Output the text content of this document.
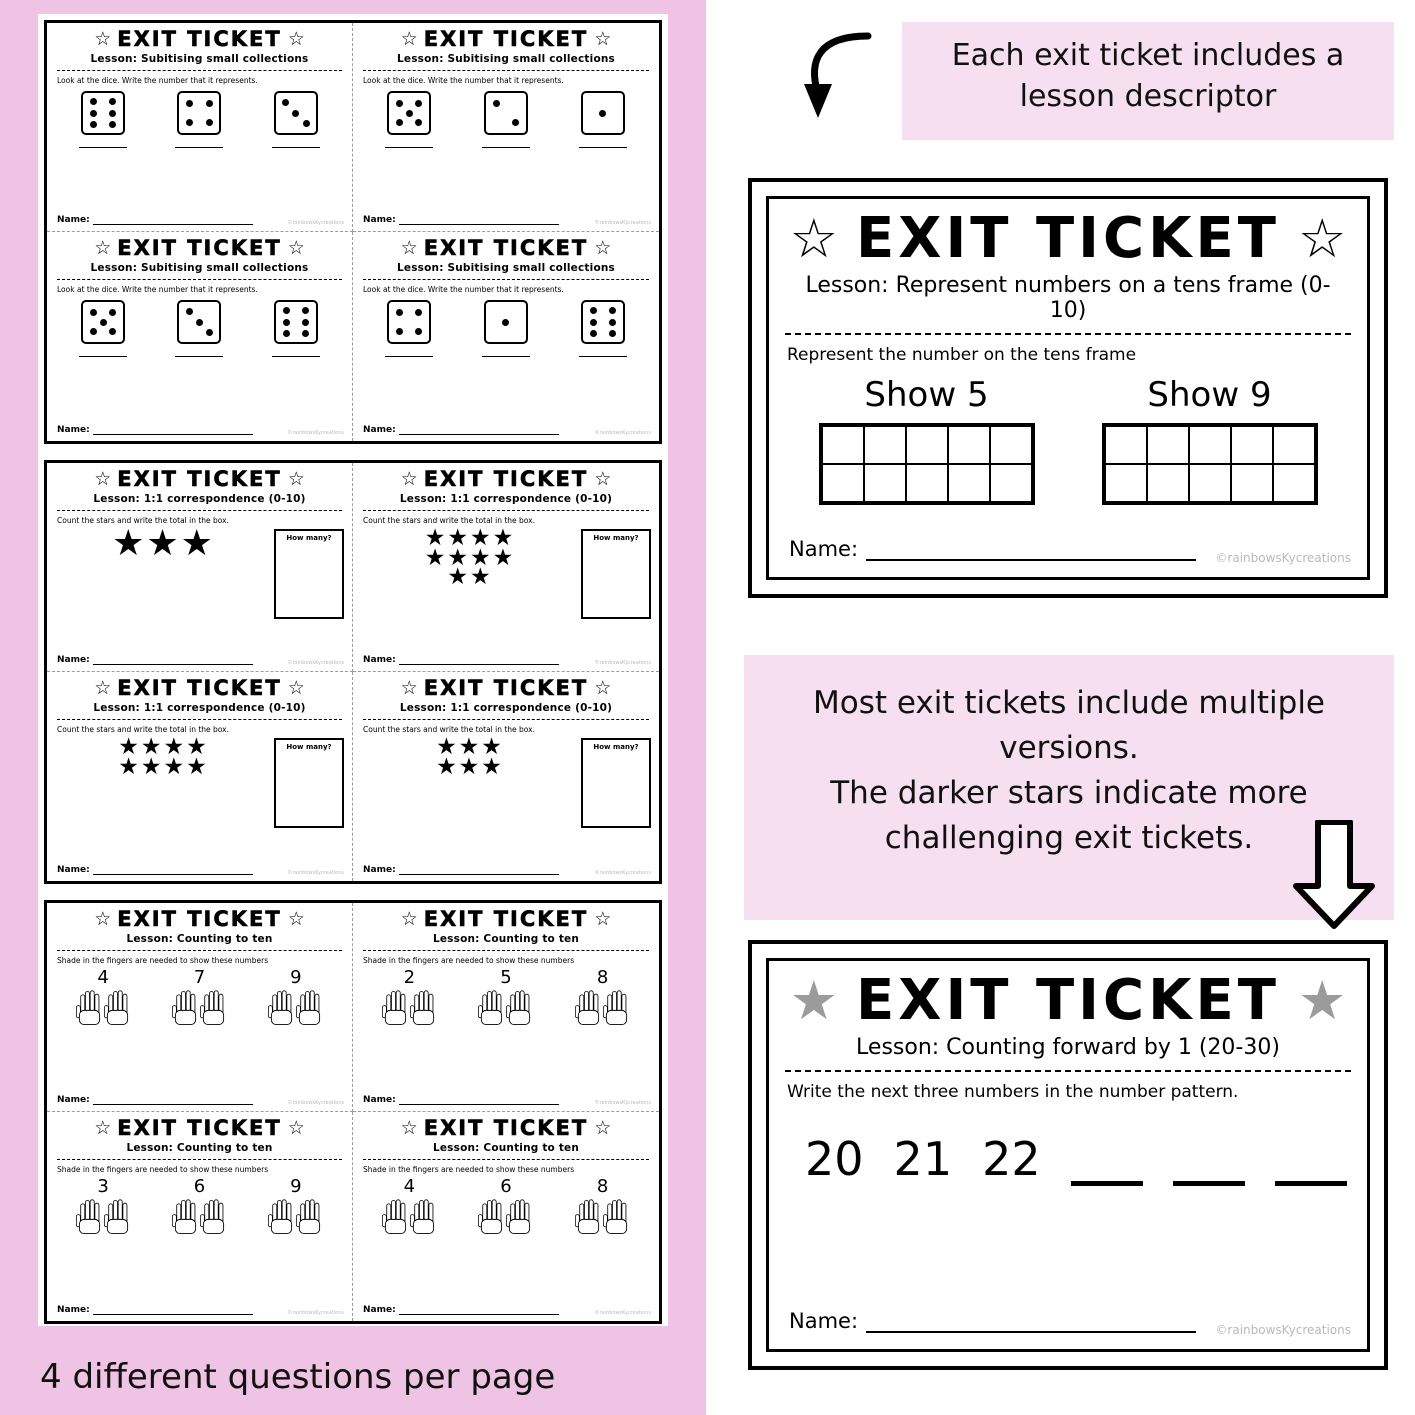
☆ EXIT TICKET ☆
Lesson: Subitising small collections
Look at the dice. Write the number that it represents.
Name:	©rainbowsKycreations
☆ EXIT TICKET ☆
Lesson: Subitising small collections
Look at the dice. Write the number that it represents.
Name:	©rainbowsKycreations
☆ EXIT TICKET ☆
Lesson: Subitising small collections
Look at the dice. Write the number that it represents.
Name:	©rainbowsKycreations
☆ EXIT TICKET ☆
Lesson: Subitising small collections
Look at the dice. Write the number that it represents.
Name:	©rainbowsKycreations
☆ EXIT TICKET ☆
Lesson: 1:1 correspondence (0-10)
Count the stars and write the total in the box.
★★★	How many?
Name:	©rainbowsKycreations
☆ EXIT TICKET ☆
Lesson: 1:1 correspondence (0-10)
Count the stars and write the total in the box.
★★★★
★★★★
★★
How many?
Name:	©rainbowsKycreations
☆ EXIT TICKET ☆
Lesson: 1:1 correspondence (0-10)
Count the stars and write the total in the box.
★★★★
★★★★
How many?
Name:	©rainbowsKycreations
☆ EXIT TICKET ☆
Lesson: 1:1 correspondence (0-10)
Count the stars and write the total in the box.
★★★
★★★
How many?
Name:	©rainbowsKycreations
☆ EXIT TICKET ☆
Lesson: Counting to ten
Shade in the fingers are needed to show these numbers
4	7	9
Name:	©rainbowsKycreations
☆ EXIT TICKET ☆
Lesson: Counting to ten
Shade in the fingers are needed to show these numbers
2	5	8
Name:	©rainbowsKycreations
☆ EXIT TICKET ☆
Lesson: Counting to ten
Shade in the fingers are needed to show these numbers
3	6	9
Name:	©rainbowsKycreations
☆ EXIT TICKET ☆
Lesson: Counting to ten
Shade in the fingers are needed to show these numbers
4	6	8
Name:	©rainbowsKycreations
4 different questions per page
Each exit ticket includes a lesson descriptor
☆ EXIT TICKET ☆
Lesson: Represent numbers on a tens frame (0- 10)
Represent the number on the tens frame
Show 5	Show 9
Name:	©rainbowsKycreations
Most exit tickets include multiple versions.
The darker stars indicate more challenging exit tickets.
★ EXIT TICKET ★
Lesson: Counting forward by 1 (20-30)
Write the next three numbers in the number pattern.
20 21 22
Name:	©rainbowsKycreations
